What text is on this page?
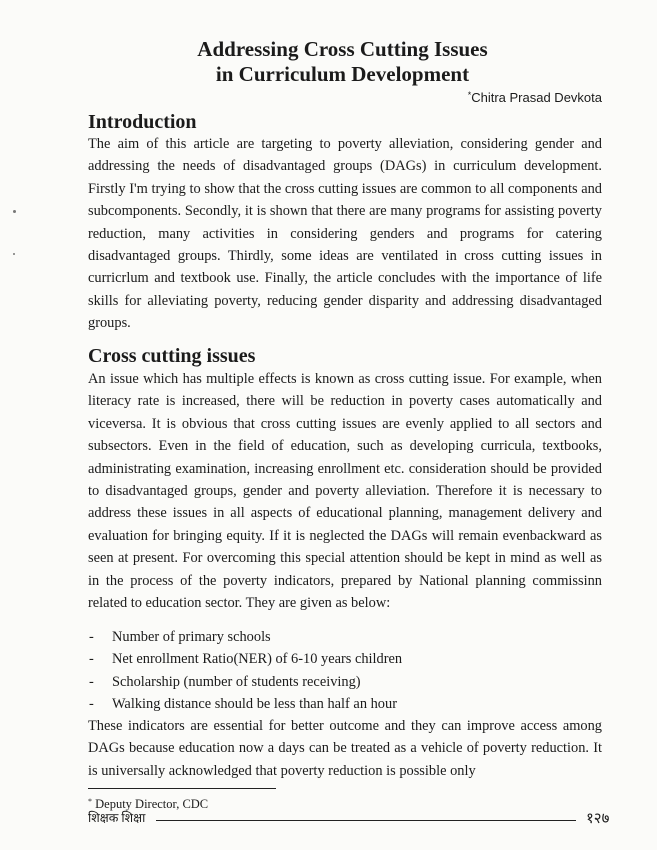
Addressing Cross Cutting Issues
in Curriculum Development
*Chitra Prasad Devkota
Introduction

The aim of this article are targeting to poverty alleviation, considering gender and addressing the needs of disadvantaged groups (DAGs) in curriculum development. Firstly I'm trying to show that the cross cutting issues are common to all components and subcomponents. Secondly, it is shown that there are many programs for assisting poverty reduction, many activities in considering genders and programs for catering disadvantaged groups. Thirdly, some ideas are ventilated in cross cutting issues in curricrlum and textbook use. Finally, the article concludes with the importance of life skills for alleviating poverty, reducing gender disparity and addressing disadvantaged groups.

Cross cutting issues

An issue which has multiple effects is known as cross cutting issue. For example, when literacy rate is increased, there will be reduction in poverty cases automatically and viceversa. It is obvious that cross cutting issues are evenly applied to all sectors and subsectors. Even in the field of education, such as developing curricula, textbooks, administrating examination, increasing enrollment etc. consideration should be provided to disadvantaged groups, gender and poverty alleviation. Therefore it is necessary to address these issues in all aspects of educational planning, management delivery and evaluation for bringing equity. If it is neglected the DAGs will remain evenbackward as seen at present. For overcoming this special attention should be kept in mind as well as in the process of the poverty indicators, prepared by National planning commissinn related to education sector. They are given as below:

- Number of primary schools
- Net enrollment Ratio(NER) of 6-10 years children
- Scholarship (number of students receiving)
- Walking distance should be less than half an hour

These indicators are essential for better outcome and they can improve access among DAGs because education now a days can be treated as a vehicle of poverty reduction. It is universally acknowledged that poverty reduction is possible only

* Deputy Director, CDC
शिक्षक शिक्षा	१२७
